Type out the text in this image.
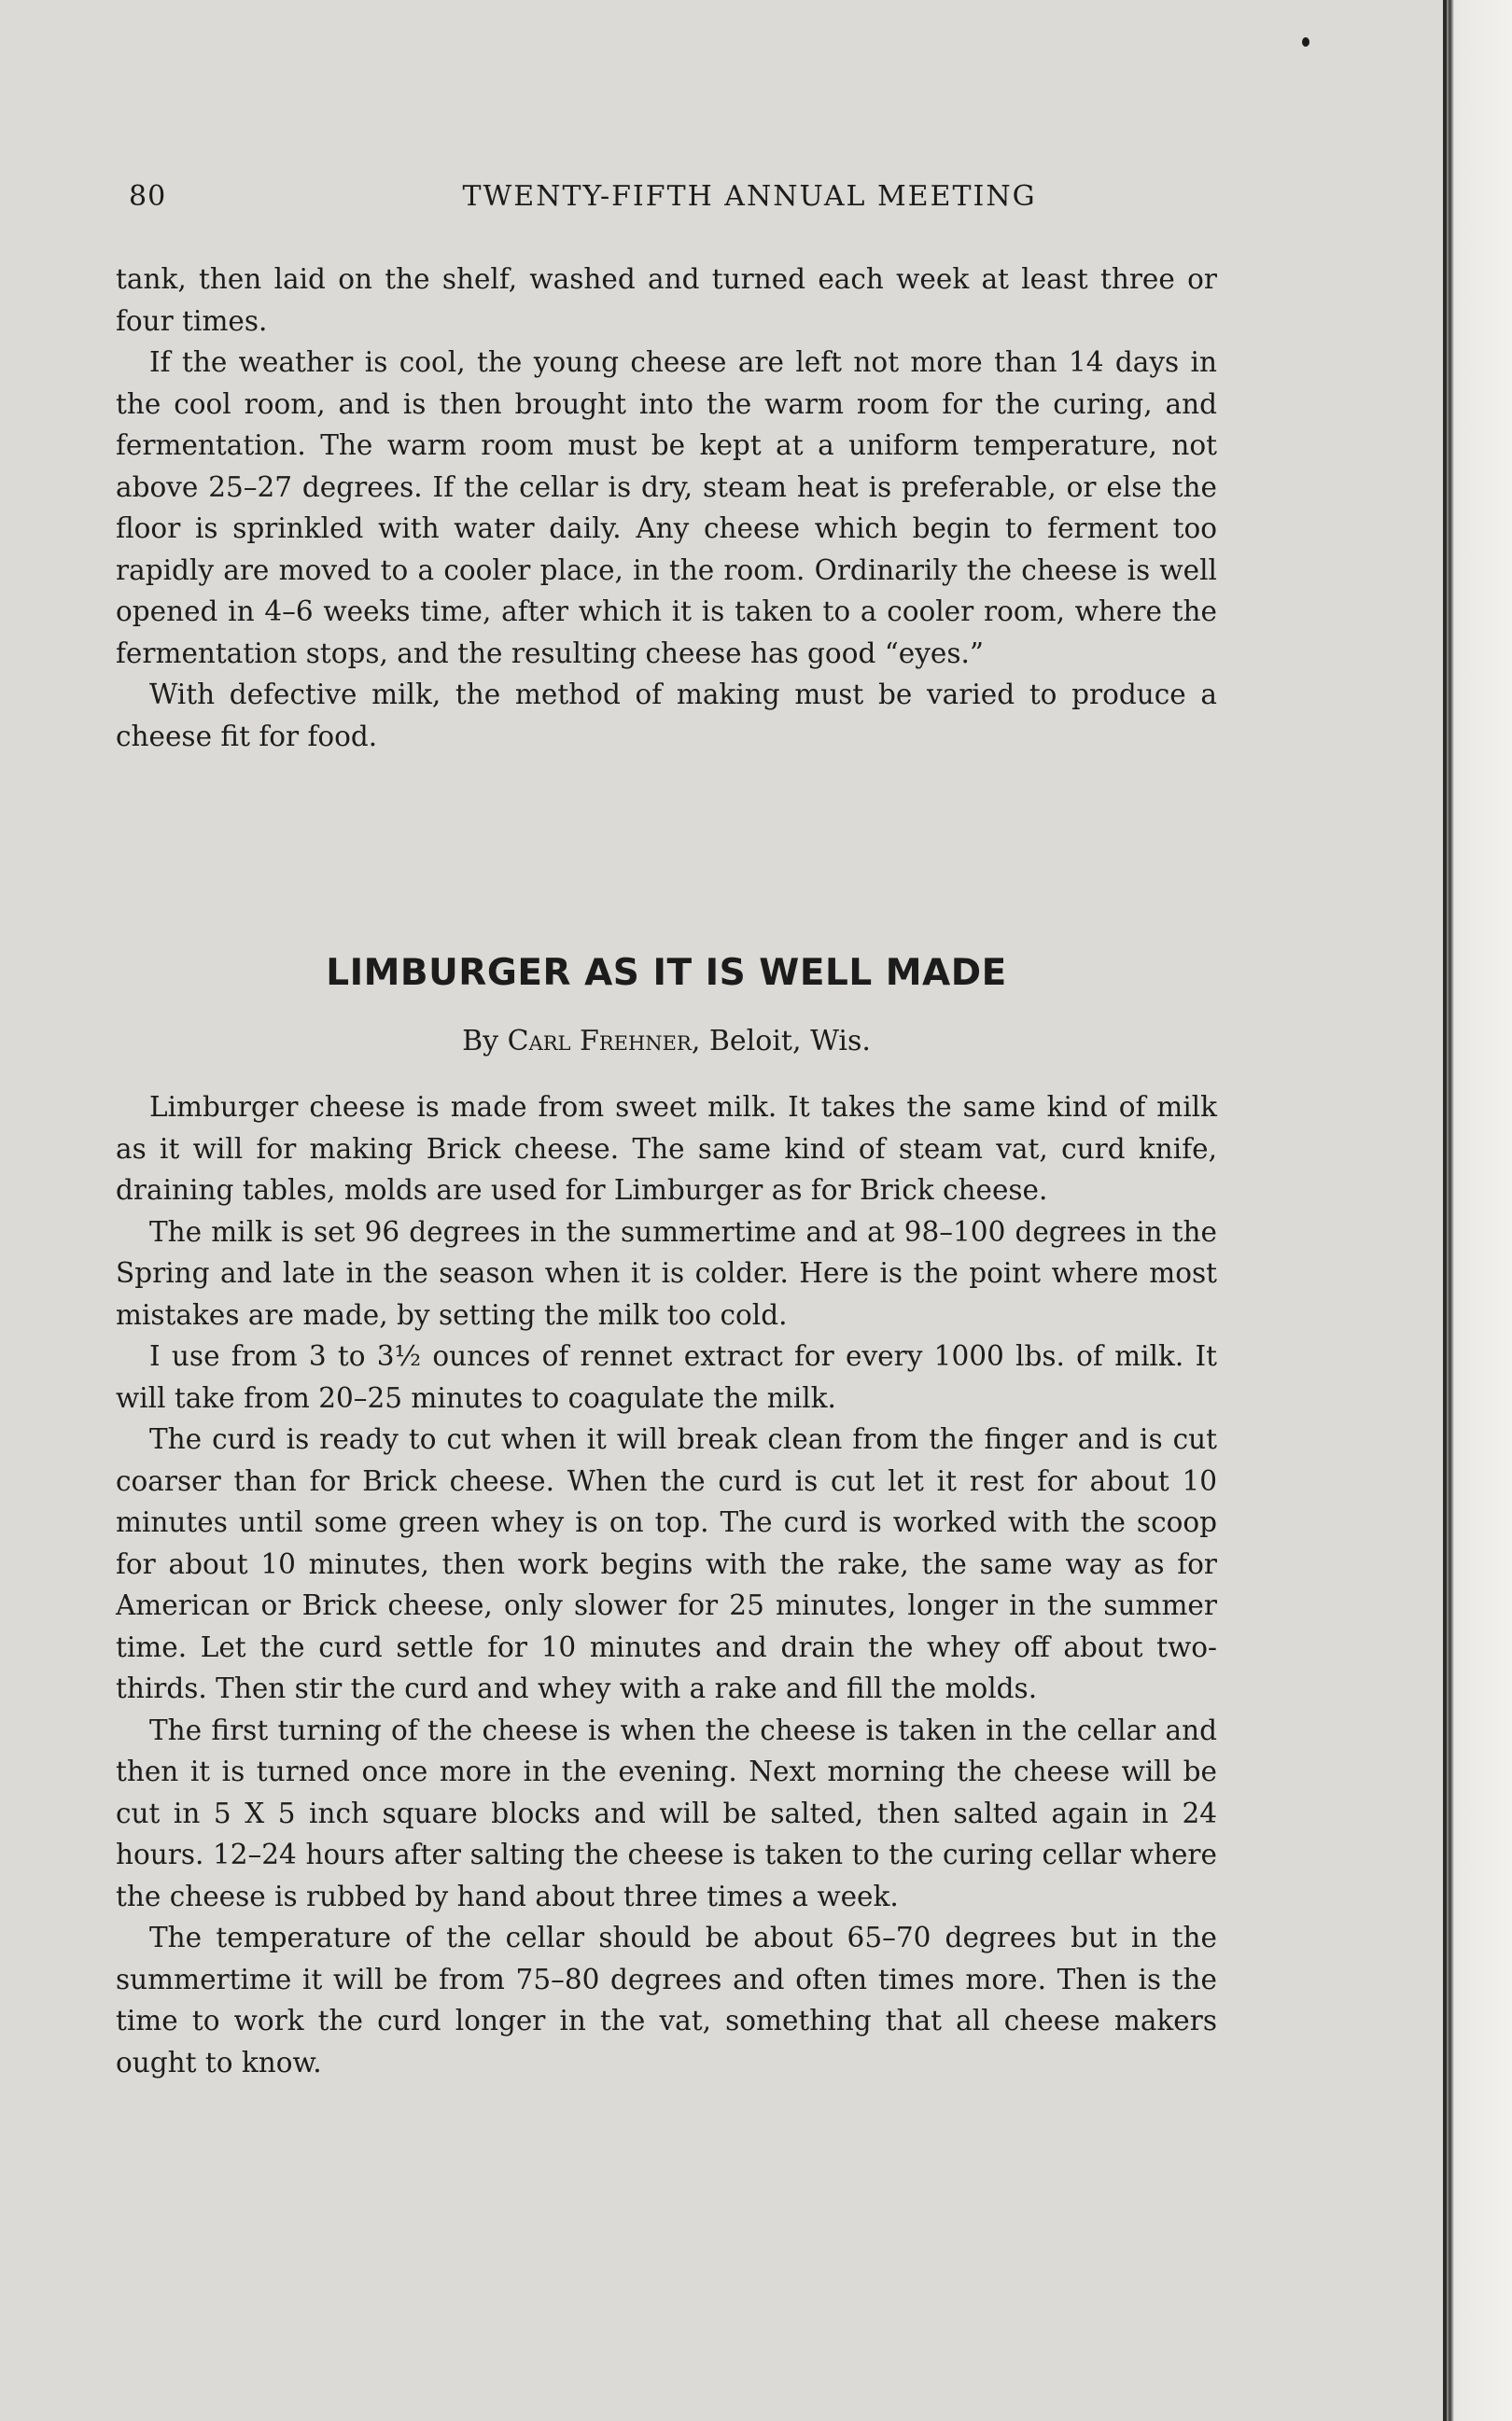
80	TWENTY-FIFTH ANNUAL MEETING

tank, then laid on the shelf, washed and turned each week at least three or four times.

If the weather is cool, the young cheese are left not more than 14 days in the cool room, and is then brought into the warm room for the curing, and fermentation. The warm room must be kept at a uniform temperature, not above 25–27 degrees. If the cellar is dry, steam heat is preferable, or else the floor is sprinkled with water daily. Any cheese which begin to ferment too rapidly are moved to a cooler place, in the room. Ordinarily the cheese is well opened in 4–6 weeks time, after which it is taken to a cooler room, where the fermentation stops, and the resulting cheese has good “eyes.”

With defective milk, the method of making must be varied to produce a cheese fit for food.

LIMBURGER AS IT IS WELL MADE
By Carl Frehner, Beloit, Wis.

Limburger cheese is made from sweet milk. It takes the same kind of milk as it will for making Brick cheese. The same kind of steam vat, curd knife, draining tables, molds are used for Limburger as for Brick cheese.

The milk is set 96 degrees in the summertime and at 98–100 degrees in the Spring and late in the season when it is colder. Here is the point where most mistakes are made, by setting the milk too cold.

I use from 3 to 3½ ounces of rennet extract for every 1000 lbs. of milk. It will take from 20–25 minutes to coagulate the milk.

The curd is ready to cut when it will break clean from the finger and is cut coarser than for Brick cheese. When the curd is cut let it rest for about 10 minutes until some green whey is on top. The curd is worked with the scoop for about 10 minutes, then work begins with the rake, the same way as for American or Brick cheese, only slower for 25 minutes, longer in the summer time. Let the curd settle for 10 minutes and drain the whey off about two-thirds. Then stir the curd and whey with a rake and fill the molds.

The first turning of the cheese is when the cheese is taken in the cellar and then it is turned once more in the evening. Next morning the cheese will be cut in 5 X 5 inch square blocks and will be salted, then salted again in 24 hours. 12–24 hours after salting the cheese is taken to the curing cellar where the cheese is rubbed by hand about three times a week.

The temperature of the cellar should be about 65–70 degrees but in the summertime it will be from 75–80 degrees and often times more. Then is the time to work the curd longer in the vat, something that all cheese makers ought to know.
